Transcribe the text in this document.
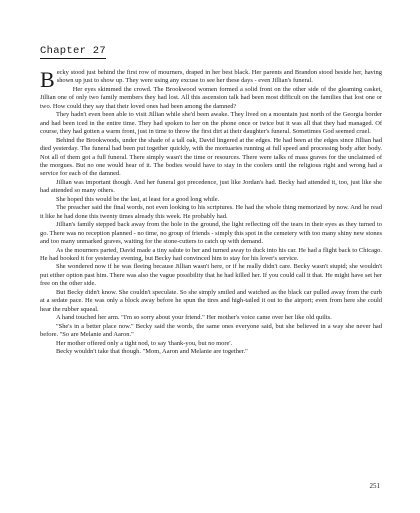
Chapter 27

Becky stood just behind the first row of mourners, draped in her best black. Her parents and Brandon stood beside her, having shown up just to show up. They were using any excuse to see her these days - even Jillian's funeral.

Her eyes skimmed the crowd. The Brookwood women formed a solid front on the other side of the gleaming casket, Jillian one of only two family members they had lost. All this ascension talk had been most difficult on the families that lost one or two. How could they say that their loved ones had been among the damned?

They hadn't even been able to visit Jillian while she'd been awake. They lived on a mountain just north of the Georgia border and had been iced in the entire time. They had spoken to her on the phone once or twice but it was all that they had managed. Of course, they had gotten a warm front, just in time to throw the first dirt at their daughter's funeral. Sometimes God seemed cruel.

Behind the Brookwoods, under the shade of a tall oak, David lingered at the edges. He had been at the edges since Jillian had died yesterday. The funeral had been put together quickly, with the mortuaries running at full speed and processing body after body. Not all of them got a full funeral. There simply wasn't the time or resources. There were talks of mass graves for the unclaimed of the morgues. But no one would hear of it. The bodies would have to stay in the coolers until the religious right and wrong had a service for each of the damned.

Jillian was important though. And her funeral got precedence, just like Jordan's had. Becky had attended it, too, just like she had attended so many others.

She hoped this would be the last, at least for a good long while.

The preacher said the final words, not even looking to his scriptures. He had the whole thing memorized by now. And he read it like he had done this twenty times already this week. He probably had.

Jillian's family stepped back away from the hole in the ground, the light reflecting off the tears in their eyes as they turned to go. There was no reception planned - no time, no group of friends - simply this spot in the cemetery with too many shiny new stones and too many unmarked graves, waiting for the stone-cutters to catch up with demand.

As the mourners parted, David made a tiny salute to her and turned away to duck into his car. He had a flight back to Chicago. He had booked it for yesterday evening, but Becky had convinced him to stay for his lover's service.

She wondered now if he was fleeing because Jillian wasn't here, or if he really didn't care. Becky wasn't stupid; she wouldn't put either option past him. There was also the vague possibility that he had killed her. If you could call it that. He might have set her free on the other side.

But Becky didn't know. She couldn't speculate. So she simply smiled and watched as the black car pulled away from the curb at a sedate pace. He was only a block away before he spun the tires and high-tailed it out to the airport; even from here she could hear the rubber squeal.

A hand touched her arm. "I'm so sorry about your friend." Her mother's voice came over her like old quilts.

"She's in a better place now." Becky said the words, the same ones everyone said, but she believed in a way she never had before. "So are Melanie and Aaron."

Her mother offered only a tight nod, to say 'thank-you, but no more'.

Becky wouldn't take that though. "Mom, Aaron and Melanie are together."

251
